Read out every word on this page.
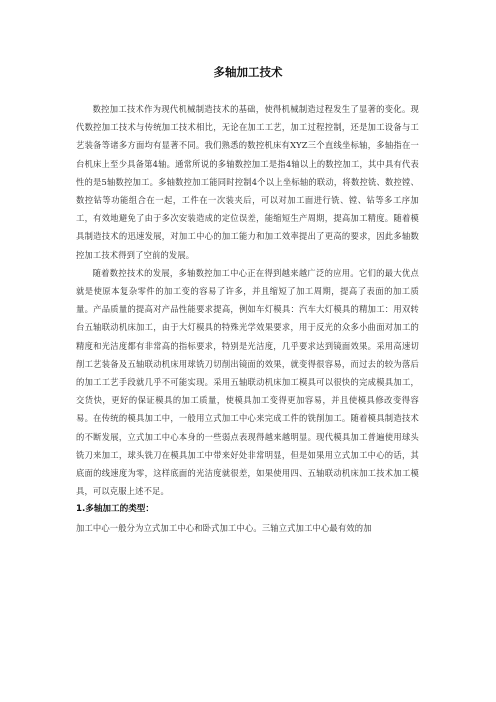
多轴加工技术

数控加工技术作为现代机械制造技术的基础，使得机械制造过程发生了显著的变化。现代数控加工技术与传统加工技术相比，无论在加工工艺，加工过程控制，还是加工设备与工艺装备等诸多方面均有显著不同。我们熟悉的数控机床有XYZ三个直线坐标轴，多轴指在一台机床上至少具备第4轴。通常所说的多轴数控加工是指4轴以上的数控加工，其中具有代表性的是5轴数控加工。多轴数控加工能同时控制4个以上坐标轴的联动，将数控铣、数控镗、数控钻等功能组合在一起，工件在一次装夹后，可以对加工面进行铣、镗、钻等多工序加工，有效地避免了由于多次安装造成的定位误差，能缩短生产周期，提高加工精度。随着模具制造技术的迅速发展，对加工中心的加工能力和加工效率提出了更高的要求，因此多轴数控加工技术得到了空前的发展。

随着数控技术的发展，多轴数控加工中心正在得到越来越广泛的应用。它们的最大优点就是使原本复杂零件的加工变的容易了许多，并且缩短了加工周期，提高了表面的加工质量。产品质量的提高对产品性能要求提高，例如车灯模具：汽车大灯模具的精加工：用双转台五轴联动机床加工，由于大灯模具的特殊光学效果要求，用于反光的众多小曲面对加工的精度和光洁度都有非常高的指标要求，特别是光洁度，几乎要求达到镜面效果。采用高速切削工艺装备及五轴联动机床用球铣刀切削出镜面的效果，就变得很容易，而过去的较为落后的加工工艺手段就几乎不可能实现。采用五轴联动机床加工模具可以很快的完成模具加工，交货快，更好的保证模具的加工质量，使模具加工变得更加容易，并且使模具修改变得容易。在传统的模具加工中，一般用立式加工中心来完成工件的铣削加工。随着模具制造技术的不断发展，立式加工中心本身的一些弱点表现得越来越明显。现代模具加工普遍使用球头铣刀来加工，球头铣刀在模具加工中带来好处非常明显，但是如果用立式加工中心的话，其底面的线速度为零，这样底面的光洁度就很差，如果使用四、五轴联动机床加工技术加工模具，可以克服上述不足。

1.多轴加工的类型：

加工中心一般分为立式加工中心和卧式加工中心。三轴立式加工中心最有效的加
